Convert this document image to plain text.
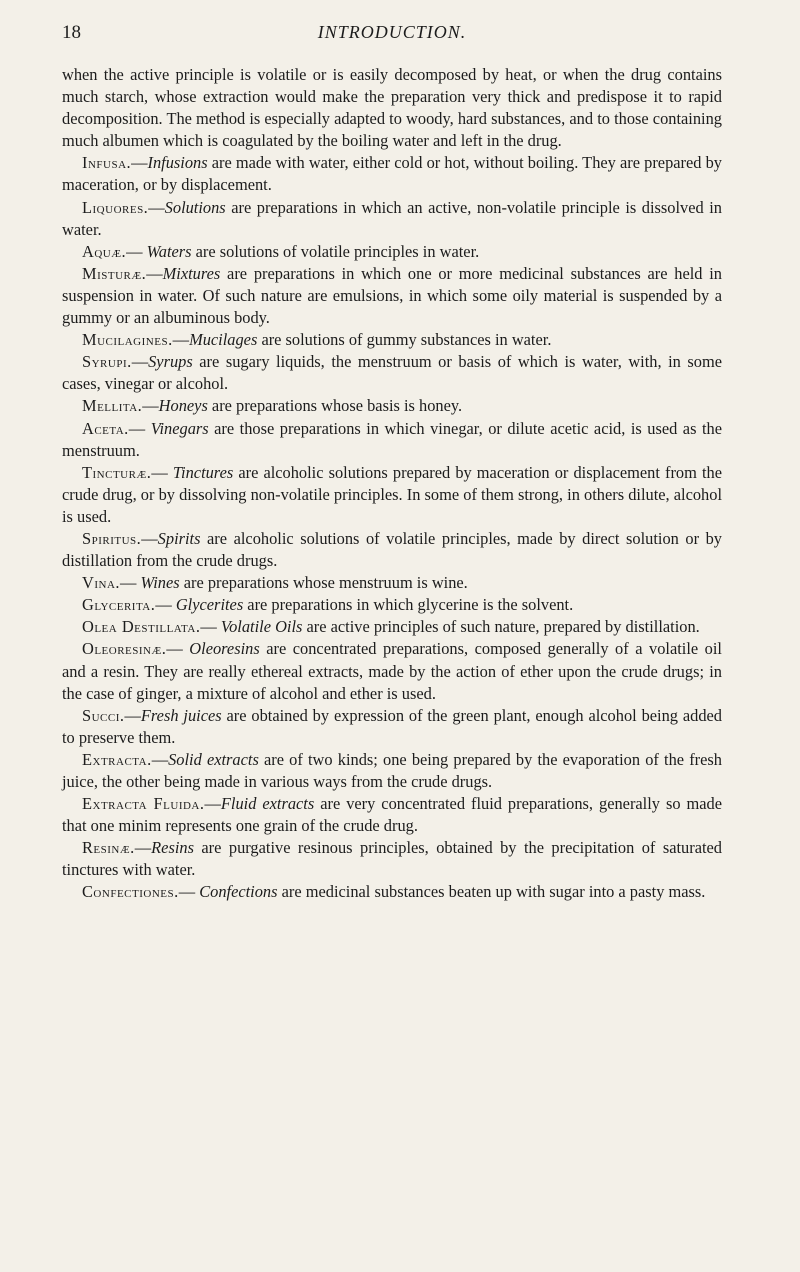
18	INTRODUCTION.

when the active principle is volatile or is easily decomposed by heat, or when the drug contains much starch, whose extraction would make the preparation very thick and predispose it to rapid decomposition. The method is especially adapted to woody, hard substances, and to those containing much albumen which is coagulated by the boiling water and left in the drug.

Infusa.—Infusions are made with water, either cold or hot, without boiling. They are prepared by maceration, or by displacement.

Liquores.—Solutions are preparations in which an active, non-volatile principle is dissolved in water.

Aquæ.— Waters are solutions of volatile principles in water.

Misturæ.—Mixtures are preparations in which one or more medicinal substances are held in suspension in water. Of such nature are emulsions, in which some oily material is suspended by a gummy or an albuminous body.

Mucilagines.—Mucilages are solutions of gummy substances in water.

Syrupi.—Syrups are sugary liquids, the menstruum or basis of which is water, with, in some cases, vinegar or alcohol.

Mellita.—Honeys are preparations whose basis is honey.

Aceta.— Vinegars are those preparations in which vinegar, or dilute acetic acid, is used as the menstruum.

Tincturæ.— Tinctures are alcoholic solutions prepared by maceration or displacement from the crude drug, or by dissolving non-volatile principles. In some of them strong, in others dilute, alcohol is used.

Spiritus.—Spirits are alcoholic solutions of volatile principles, made by direct solution or by distillation from the crude drugs.

Vina.— Wines are preparations whose menstruum is wine.

Glycerita.— Glycerites are preparations in which glycerine is the solvent.

Olea Destillata.— Volatile Oils are active principles of such nature, prepared by distillation.

Oleoresinæ.— Oleoresins are concentrated preparations, composed generally of a volatile oil and a resin. They are really ethereal extracts, made by the action of ether upon the crude drugs; in the case of ginger, a mixture of alcohol and ether is used.

Succi.—Fresh juices are obtained by expression of the green plant, enough alcohol being added to preserve them.

Extracta.—Solid extracts are of two kinds; one being prepared by the evaporation of the fresh juice, the other being made in various ways from the crude drugs.

Extracta Fluida.—Fluid extracts are very concentrated fluid preparations, generally so made that one minim represents one grain of the crude drug.

Resinæ.—Resins are purgative resinous principles, obtained by the precipitation of saturated tinctures with water.

Confectiones.— Confections are medicinal substances beaten up with sugar into a pasty mass.
